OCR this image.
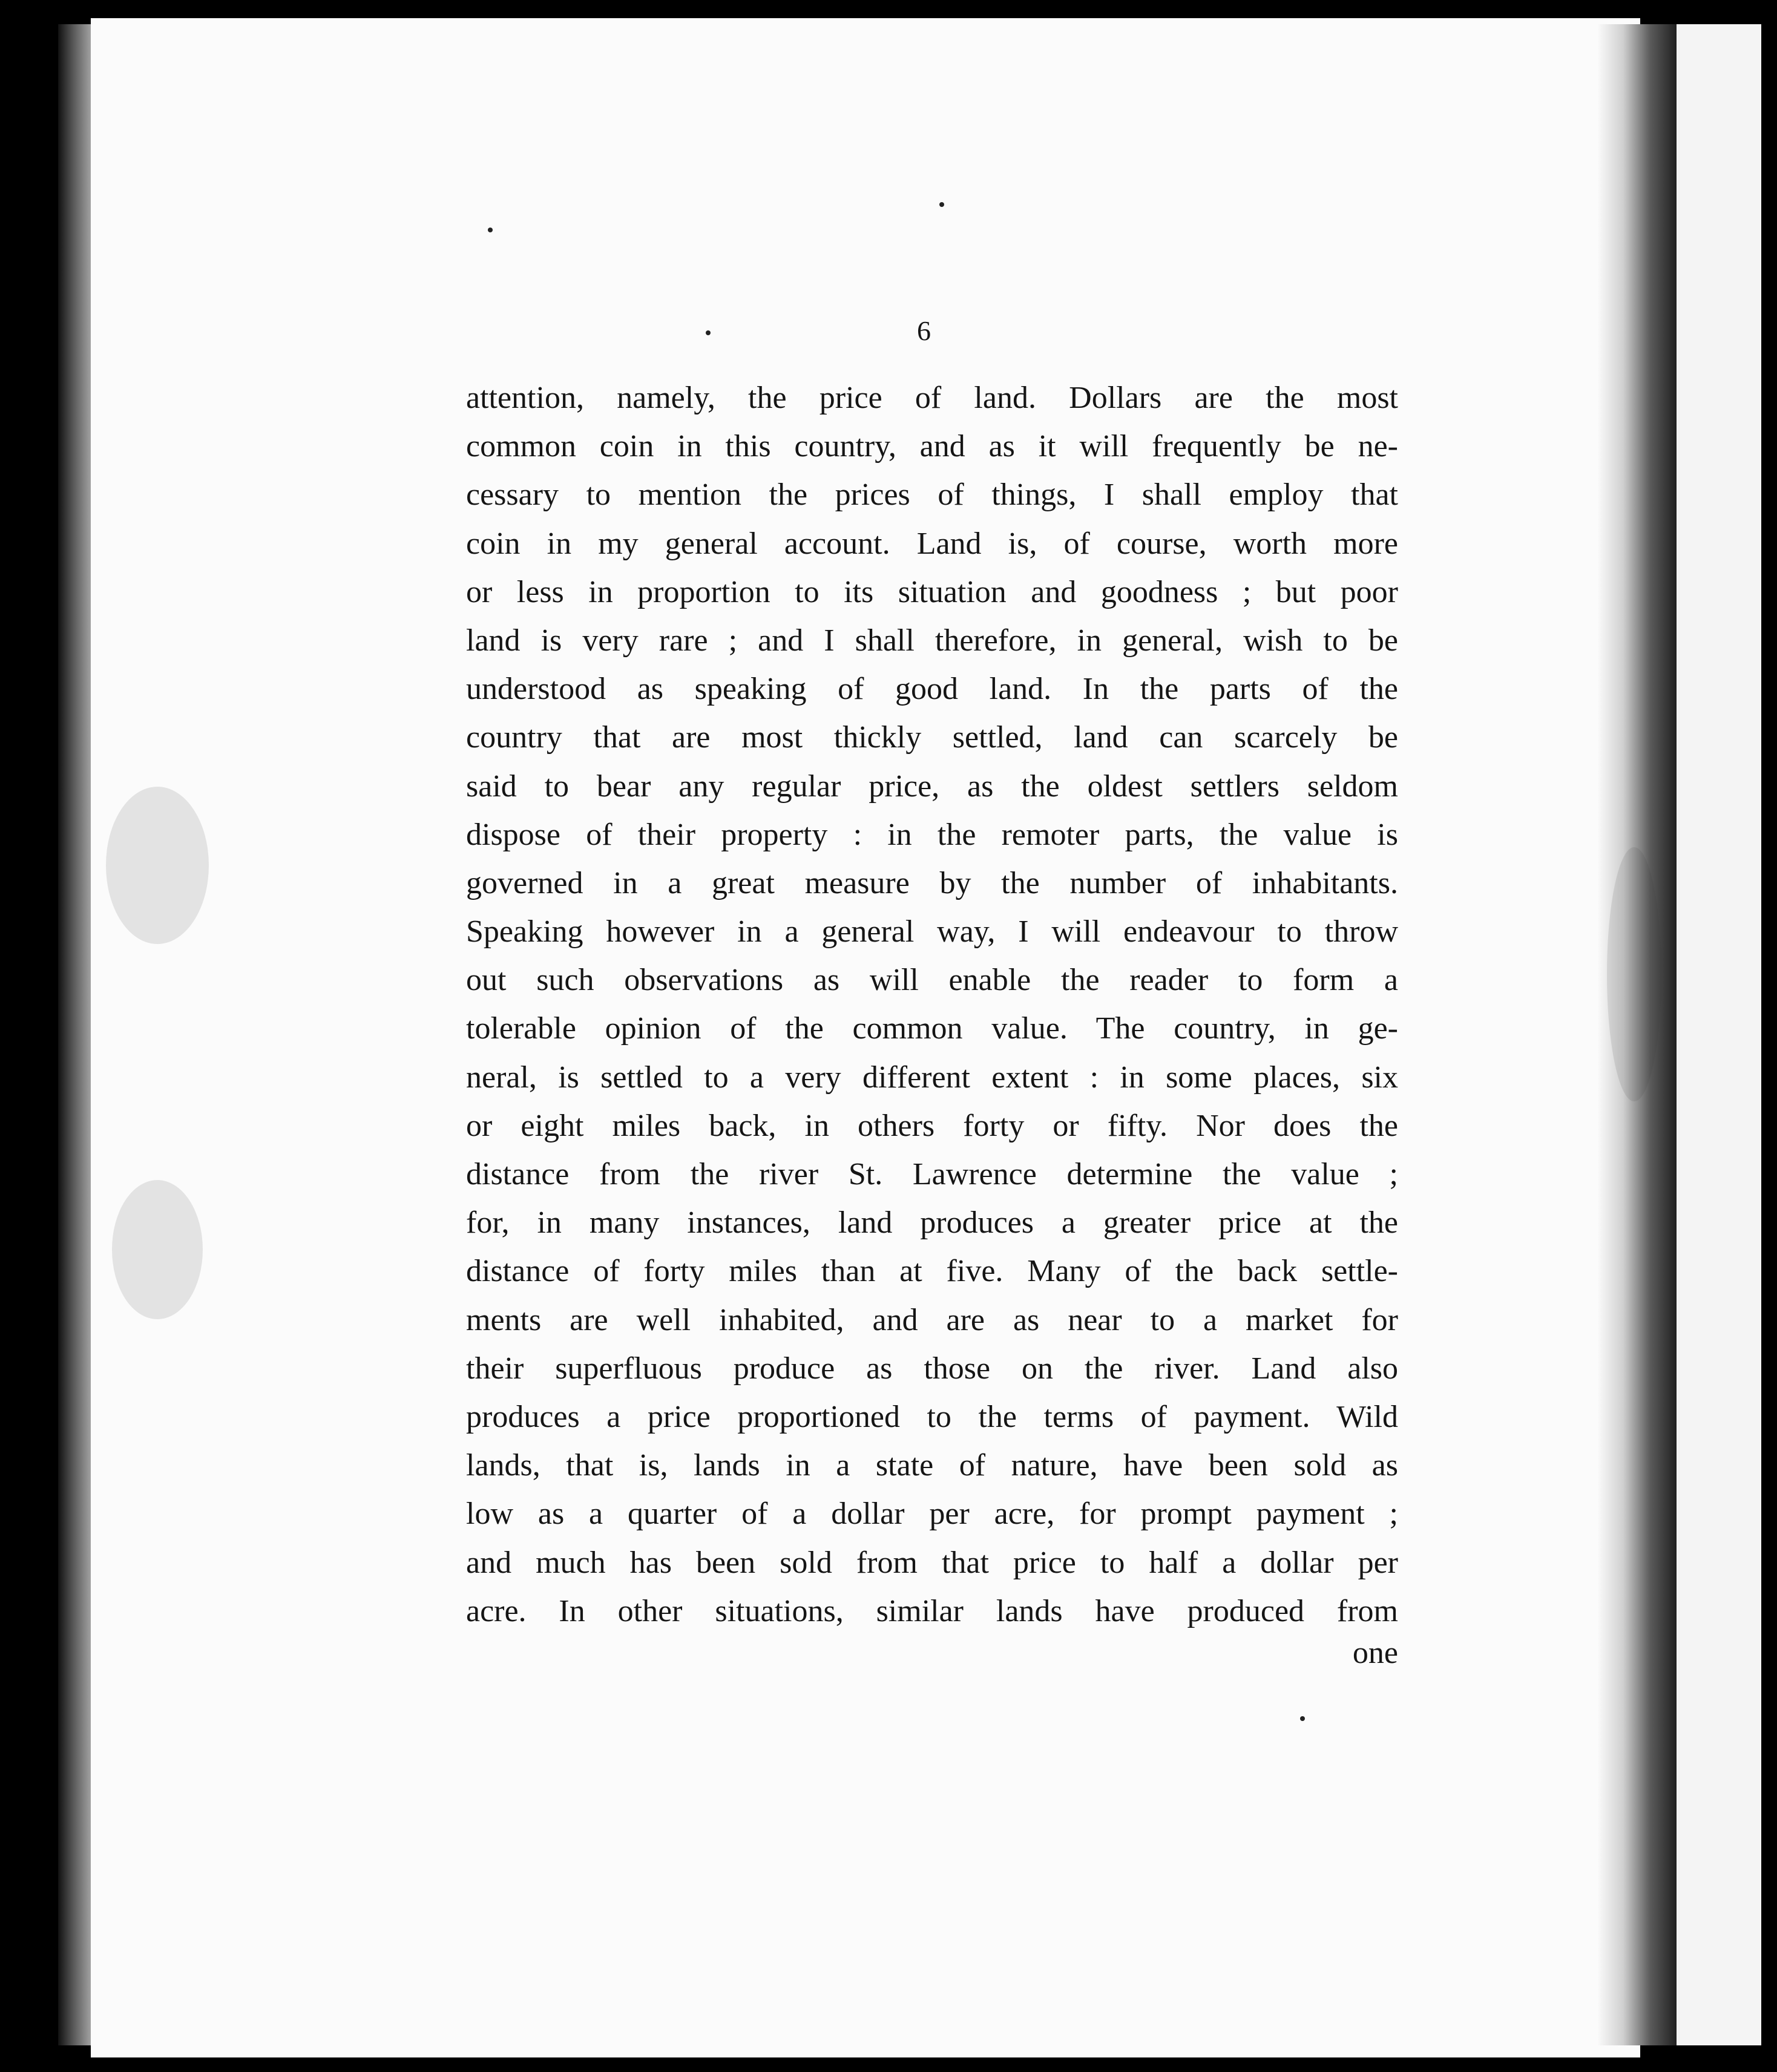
6
attention, namely, the price of land. Dollars are the most
common coin in this country, and as it will frequently be ne-
cessary to mention the prices of things, I shall employ that
coin in my general account. Land is, of course, worth more
or less in proportion to its situation and goodness ; but poor
land is very rare ; and I shall therefore, in general, wish to be
understood as speaking of good land. In the parts of the
country that are most thickly settled, land can scarcely be
said to bear any regular price, as the oldest settlers seldom
dispose of their property : in the remoter parts, the value is
governed in a great measure by the number of inhabitants.
Speaking however in a general way, I will endeavour to throw
out such observations as will enable the reader to form a
tolerable opinion of the common value. The country, in ge-
neral, is settled to a very different extent : in some places, six
or eight miles back, in others forty or fifty. Nor does the
distance from the river St. Lawrence determine the value ;
for, in many instances, land produces a greater price at the
distance of forty miles than at five. Many of the back settle-
ments are well inhabited, and are as near to a market for
their superfluous produce as those on the river. Land also
produces a price proportioned to the terms of payment. Wild
lands, that is, lands in a state of nature, have been sold as
low as a quarter of a dollar per acre, for prompt payment ;
and much has been sold from that price to half a dollar per
acre. In other situations, similar lands have produced from
one
